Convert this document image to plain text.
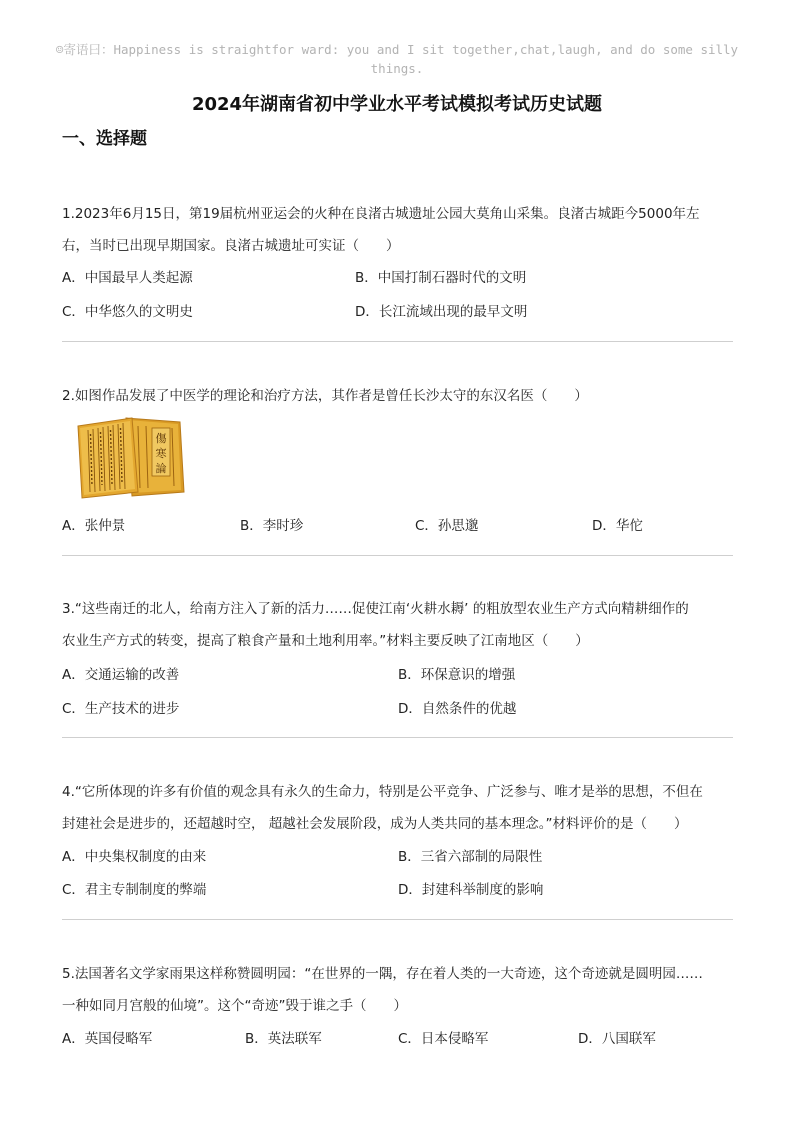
☺寄语曰：Happiness is straightfor ward: you and I sit together,chat,laugh, and do some silly things.
2024年湖南省初中学业水平考试模拟考试历史试题
一、选择题
1.2023年6月15日，第19届杭州亚运会的火种在良渚古城遗址公园大莫角山采集。良渚古城距今5000年左
右，当时已出现早期国家。良渚古城遗址可实证（　　）
A．中国最早人类起源	B．中国打制石器时代的文明
C．中华悠久的文明史	D．长江流域出现的最早文明
2.如图作品发展了中医学的理论和治疗方法，其作者是曾任长沙太守的东汉名医（　　）
傷
寒
論
A．张仲景	B．李时珍	C．孙思邈	D．华佗
3.“这些南迁的北人，给南方注入了新的活力……促使江南‘火耕水耨’ 的粗放型农业生产方式向精耕细作的
农业生产方式的转变，提高了粮食产量和土地利用率。”材料主要反映了江南地区（　　）
A．交通运输的改善	B．环保意识的增强
C．生产技术的进步	D．自然条件的优越
4.“它所体现的许多有价值的观念具有永久的生命力，特别是公平竞争、广泛参与、唯才是举的思想，不但在
封建社会是进步的，还超越时空， 超越社会发展阶段，成为人类共同的基本理念。”材料评价的是（　　）
A．中央集权制度的由来	B．三省六部制的局限性
C．君主专制制度的弊端	D．封建科举制度的影响
5.法国著名文学家雨果这样称赞圆明园：“在世界的一隅，存在着人类的一大奇迹，这个奇迹就是圆明园……
一种如同月宫般的仙境”。这个“奇迹”毁于谁之手（　　）
A．英国侵略军	B．英法联军	C．日本侵略军	D．八国联军
